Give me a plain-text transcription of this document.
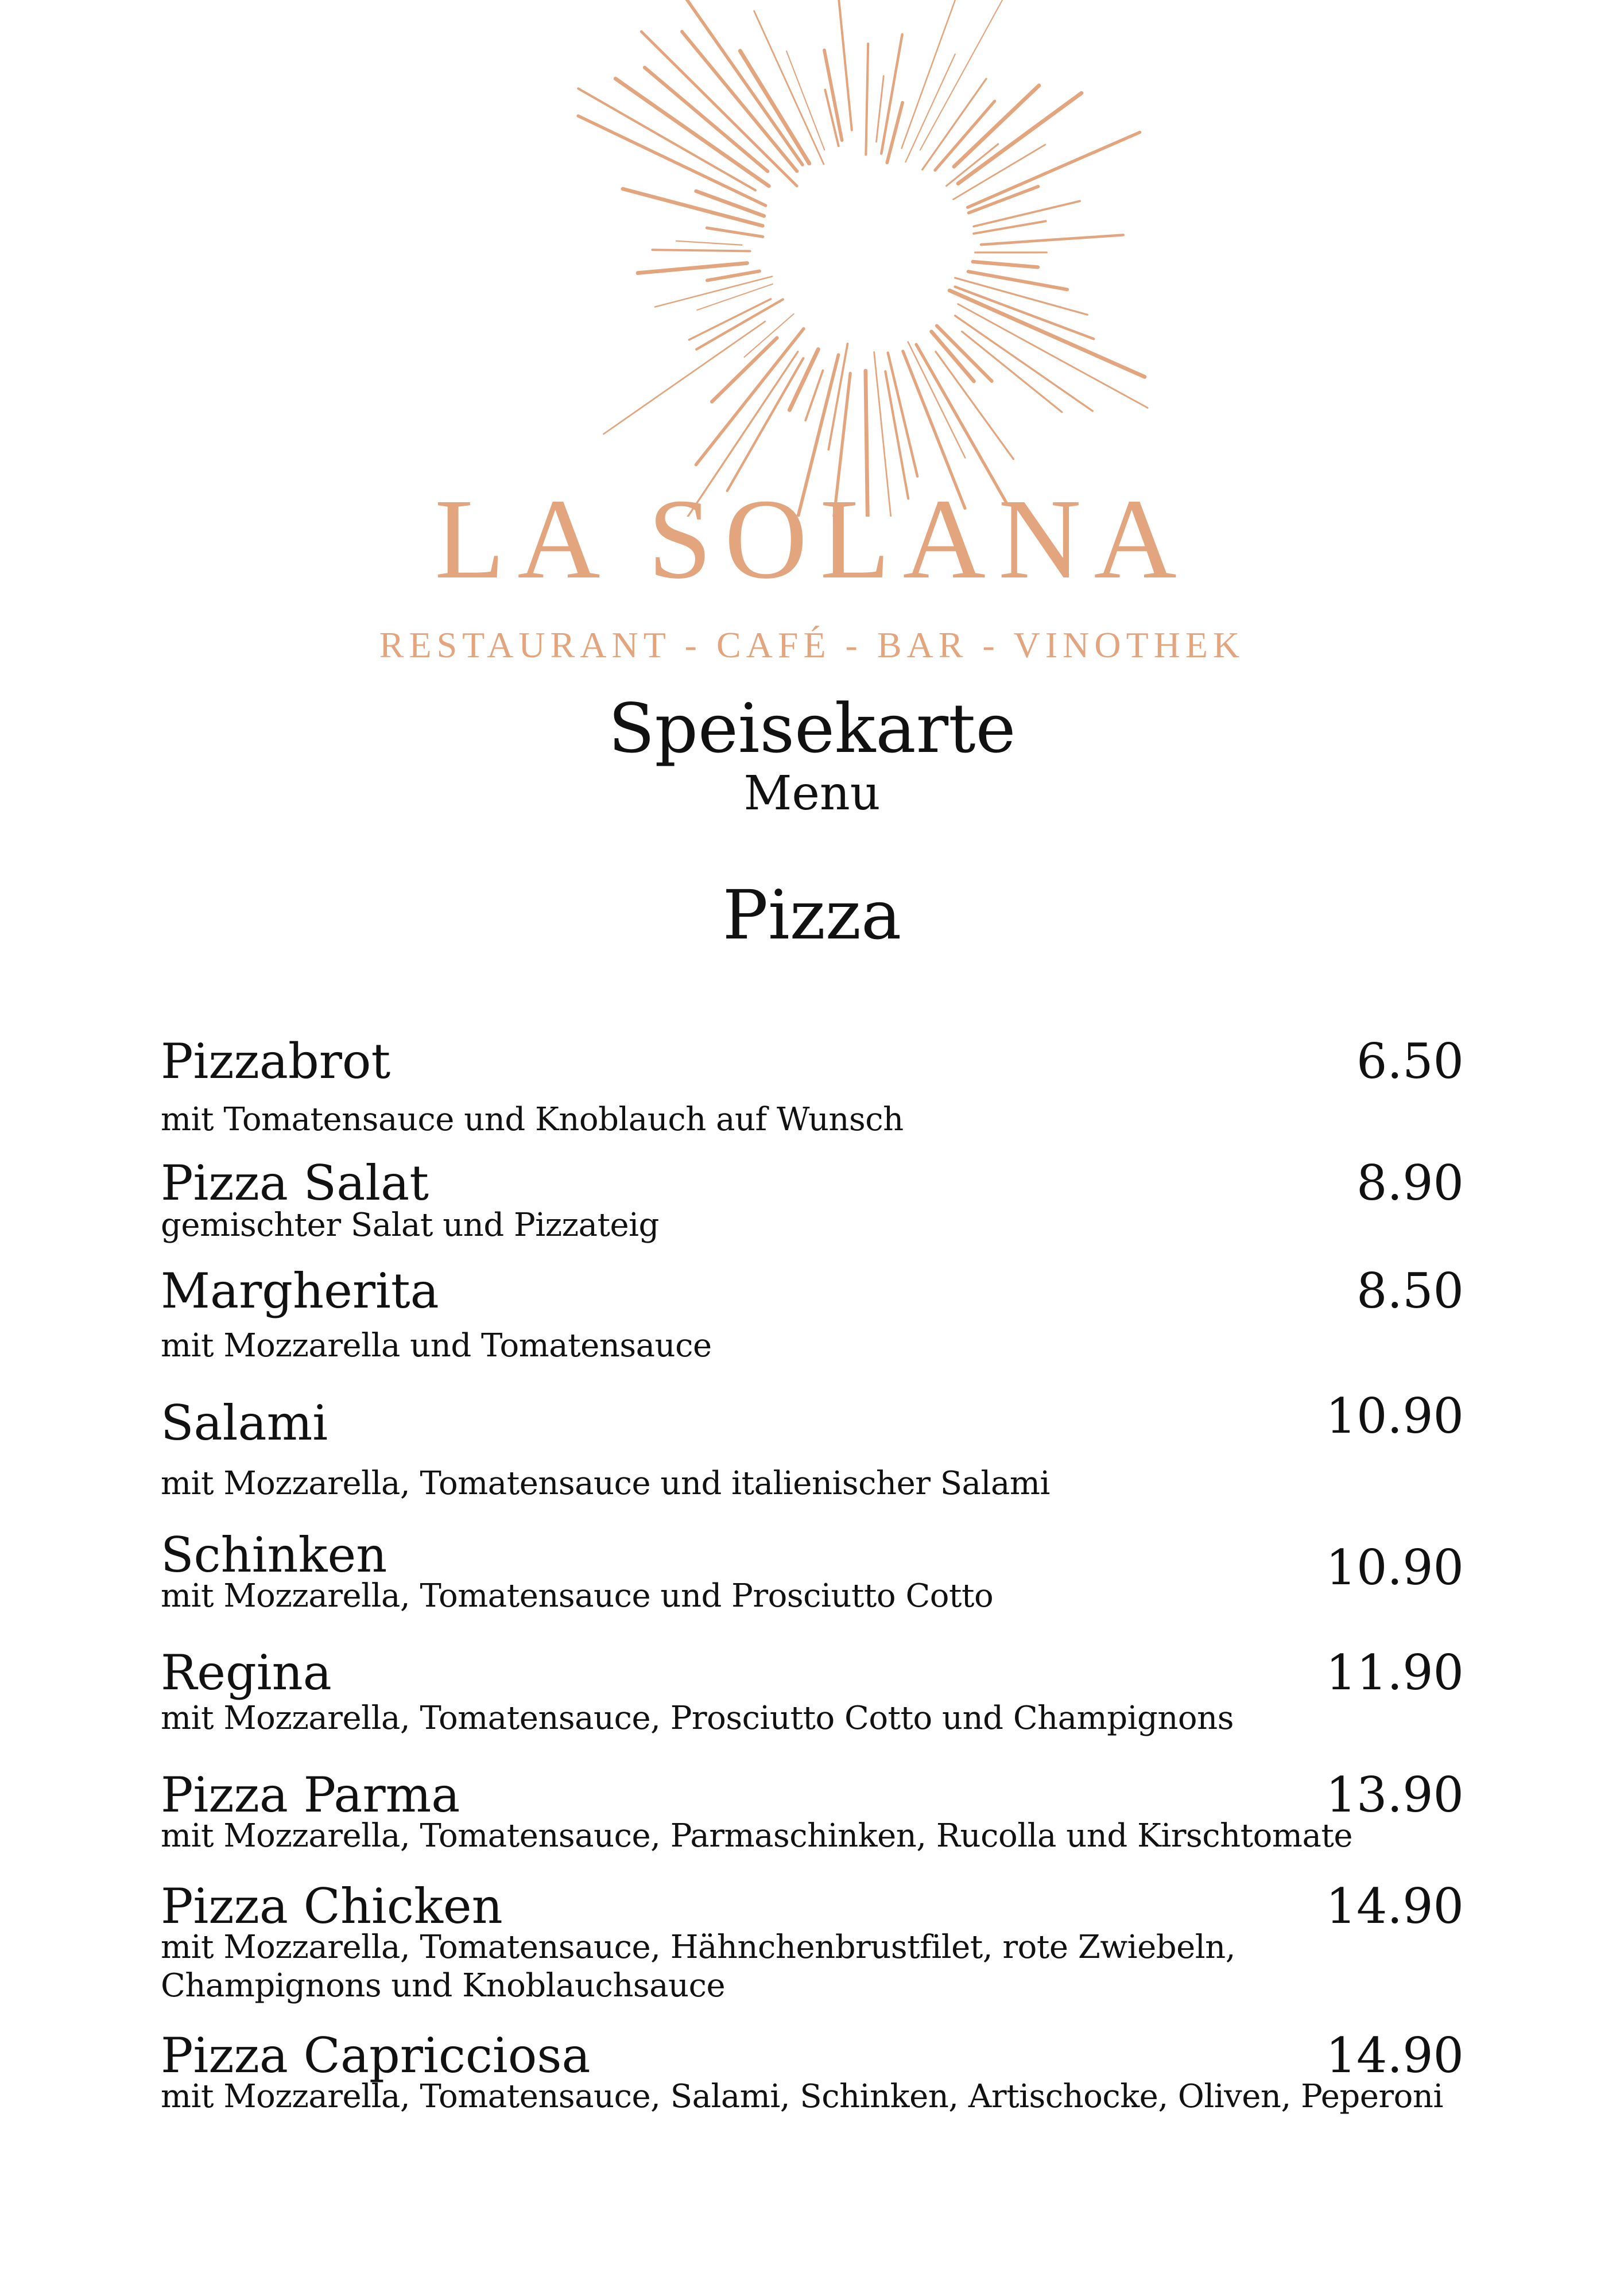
LA SOLANA
RESTAURANT - CAFÉ - BAR - VINOTHEK
Speisekarte
Menu
Pizza
6.50
Pizzabrot
mit Tomatensauce und Knoblauch auf Wunsch
8.90
Pizza Salat
gemischter Salat und Pizzateig
8.50
Margherita
mit Mozzarella und Tomatensauce
10.90
Salami
mit Mozzarella, Tomatensauce und italienischer Salami
10.90
Schinken
mit Mozzarella, Tomatensauce und Prosciutto Cotto
11.90
Regina
mit Mozzarella, Tomatensauce, Prosciutto Cotto und Champignons
13.90
Pizza Parma
mit Mozzarella, Tomatensauce, Parmaschinken, Rucolla und Kirschtomate
14.90
Pizza Chicken
mit Mozzarella, Tomatensauce, Hähnchenbrustfilet, rote Zwiebeln,
Champignons und Knoblauchsauce
14.90
Pizza Capricciosa
mit Mozzarella, Tomatensauce, Salami, Schinken, Artischocke, Oliven, Peperoni
